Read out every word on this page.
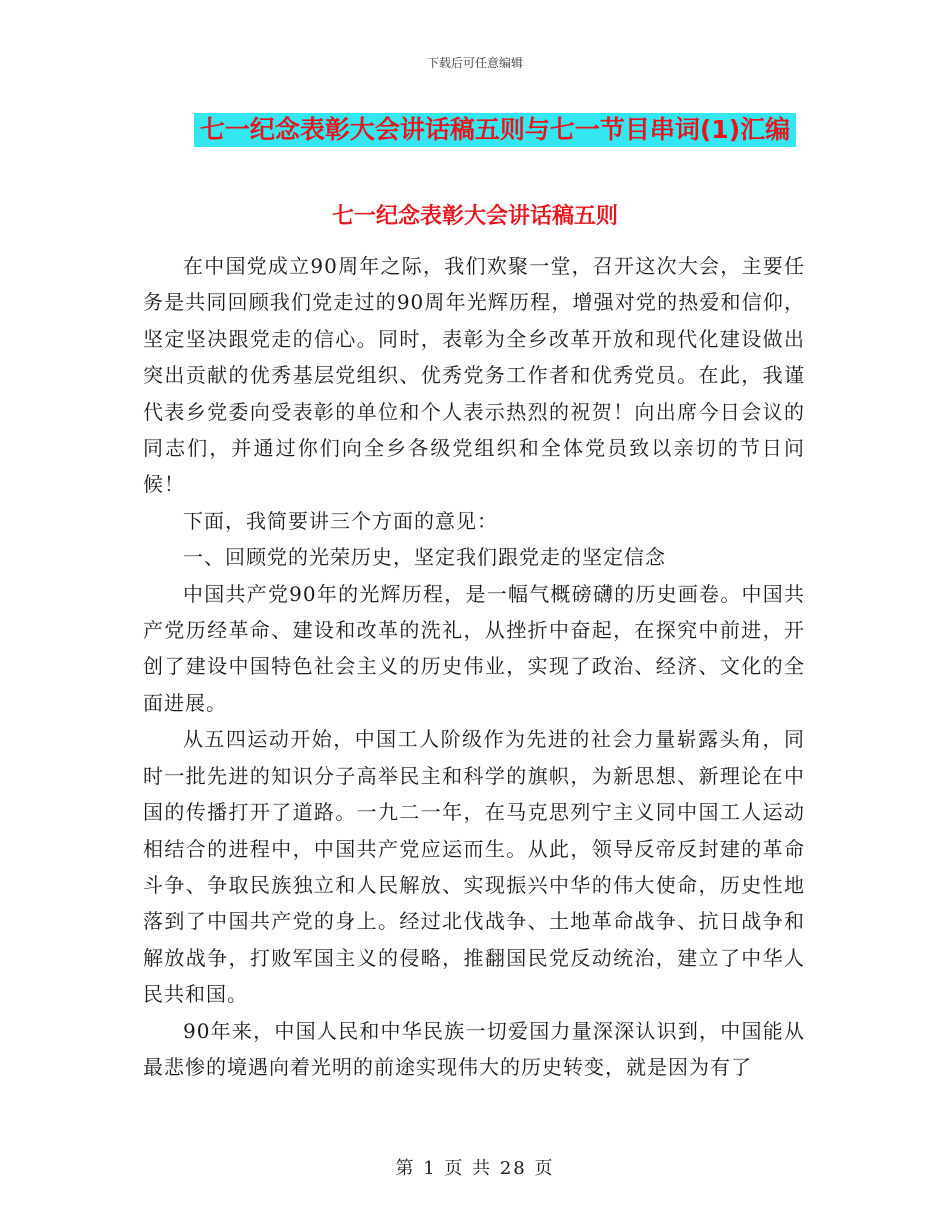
下载后可任意编辑
七一纪念表彰大会讲话稿五则与七一节目串词(1)汇编
七一纪念表彰大会讲话稿五则

在中国党成立90周年之际，我们欢聚一堂，召开这次大会，主要任务是共同回顾我们党走过的90周年光辉历程，增强对党的热爱和信仰，坚定坚决跟党走的信心。同时，表彰为全乡改革开放和现代化建设做出突出贡献的优秀基层党组织、优秀党务工作者和优秀党员。在此，我谨代表乡党委向受表彰的单位和个人表示热烈的祝贺！向出席今日会议的同志们，并通过你们向全乡各级党组织和全体党员致以亲切的节日问候！

下面，我简要讲三个方面的意见：

一、回顾党的光荣历史，坚定我们跟党走的坚定信念

中国共产党90年的光辉历程，是一幅气概磅礴的历史画卷。中国共产党历经革命、建设和改革的洗礼，从挫折中奋起，在探究中前进，开创了建设中国特色社会主义的历史伟业，实现了政治、经济、文化的全面进展。

从五四运动开始，中国工人阶级作为先进的社会力量崭露头角，同时一批先进的知识分子高举民主和科学的旗帜，为新思想、新理论在中国的传播打开了道路。一九二一年，在马克思列宁主义同中国工人运动相结合的进程中，中国共产党应运而生。从此，领导反帝反封建的革命斗争、争取民族独立和人民解放、实现振兴中华的伟大使命，历史性地落到了中国共产党的身上。经过北伐战争、土地革命战争、抗日战争和解放战争，打败军国主义的侵略，推翻国民党反动统治，建立了中华人民共和国。

90年来，中国人民和中华民族一切爱国力量深深认识到，中国能从最悲惨的境遇向着光明的前途实现伟大的历史转变，就是因为有了

第 1 页 共 28 页
